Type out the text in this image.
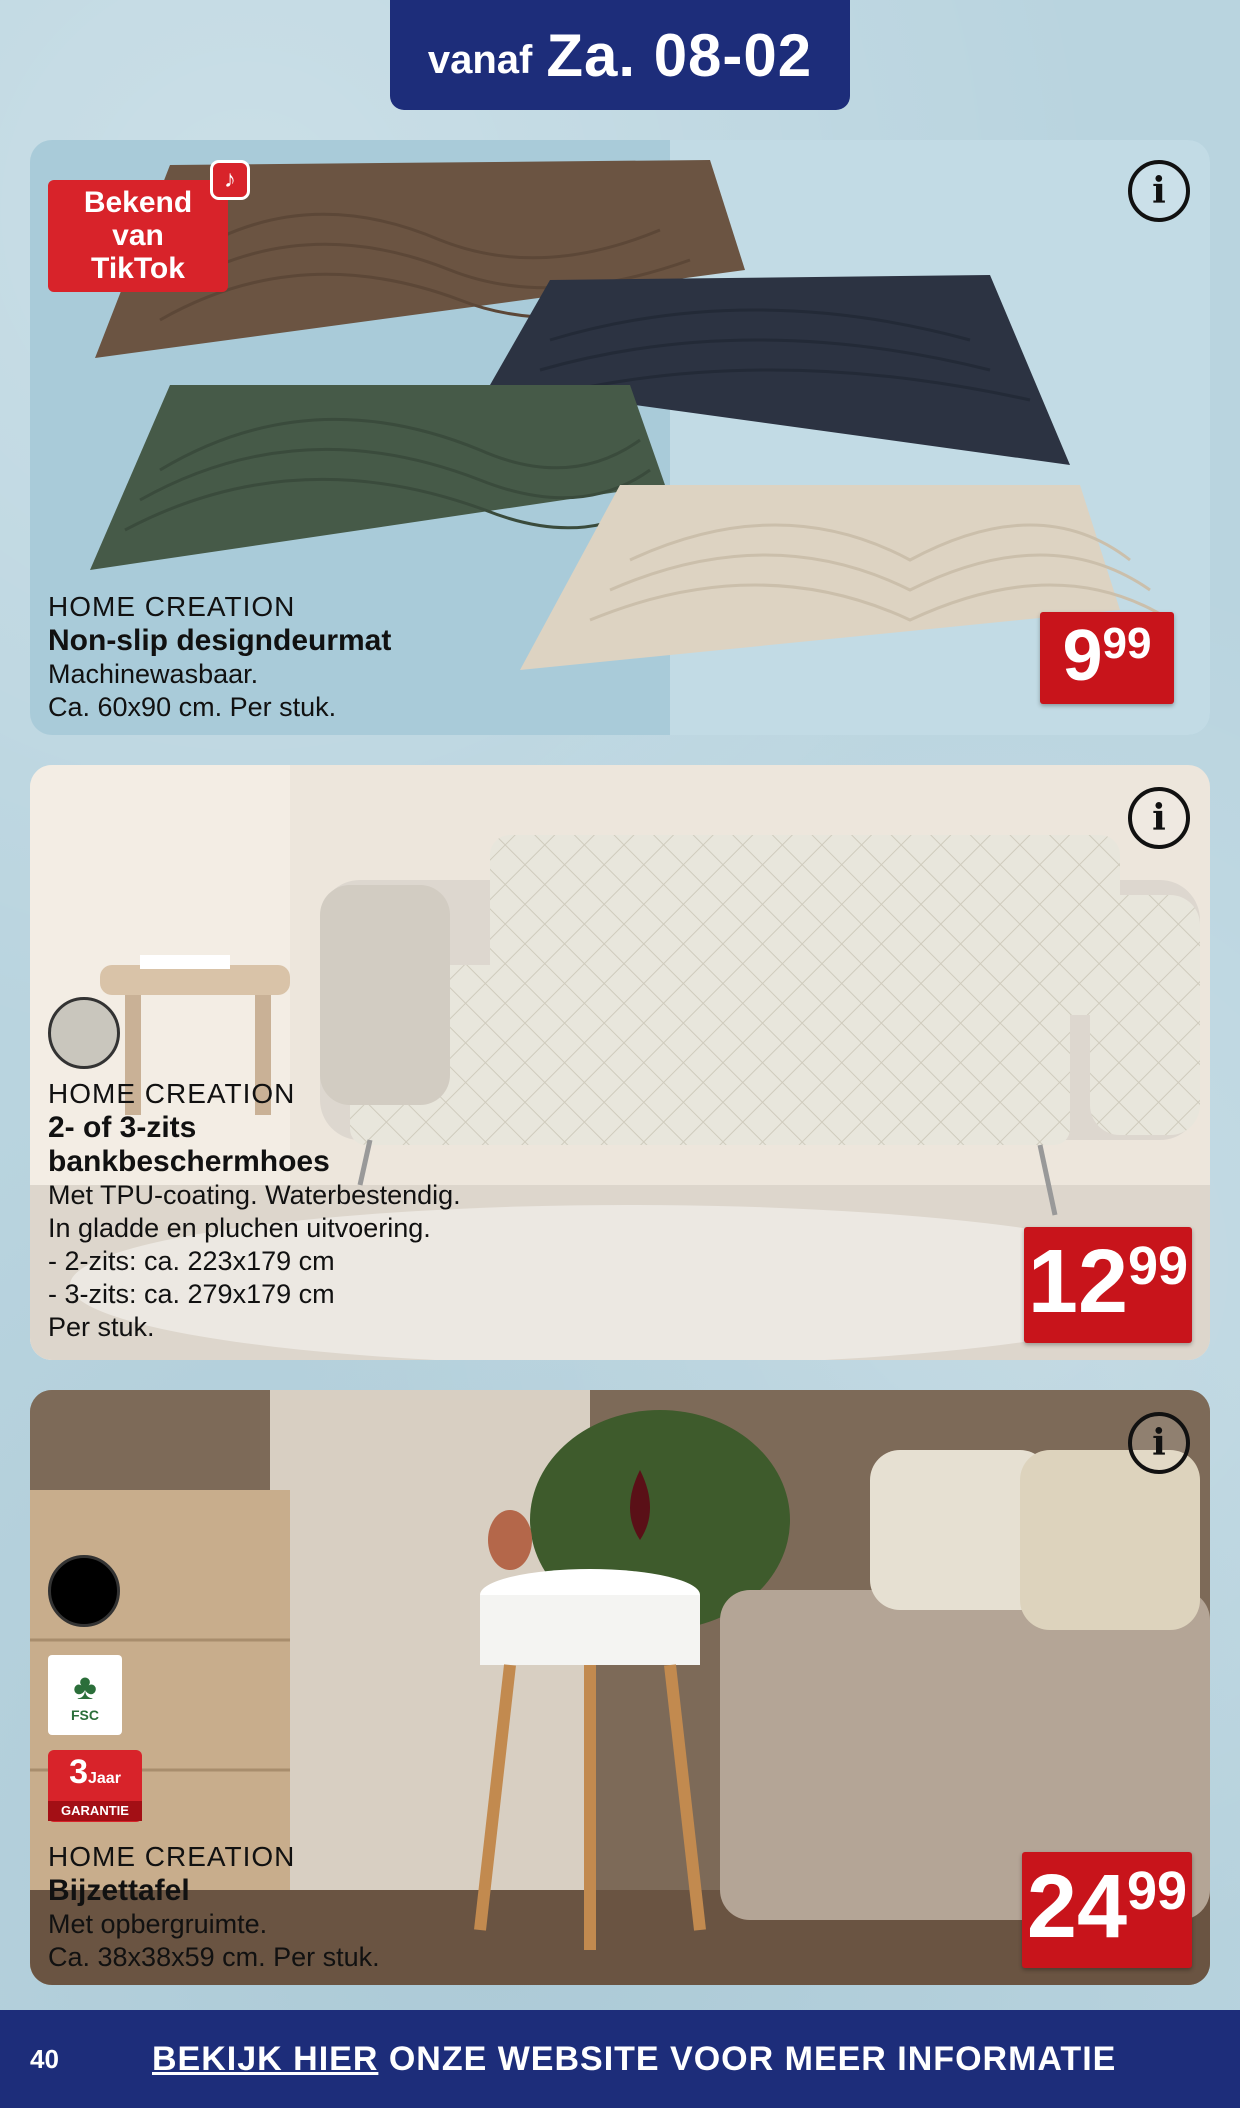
vanaf Za. 08-02
Bekend
van
TikTok
♪
i
HOME CREATION
Non-slip designdeurmat
Machinewasbaar.
Ca. 60x90 cm. Per stuk.
9 99
i
HOME CREATION
2- of 3-zits
bankbeschermhoes
Met TPU-coating. Waterbestendig.
In gladde en pluchen uitvoering.
- 2-zits: ca. 223x179 cm
- 3-zits: ca. 279x179 cm
Per stuk.	12 99
i
♣
FSC
3Jaar
GARANTIE
HOME CREATION
Bijzettafel
Met opbergruimte.
Ca. 38x38x59 cm. Per stuk.	24 99
40	BEKIJK HIER ONZE WEBSITE VOOR MEER INFORMATIE
